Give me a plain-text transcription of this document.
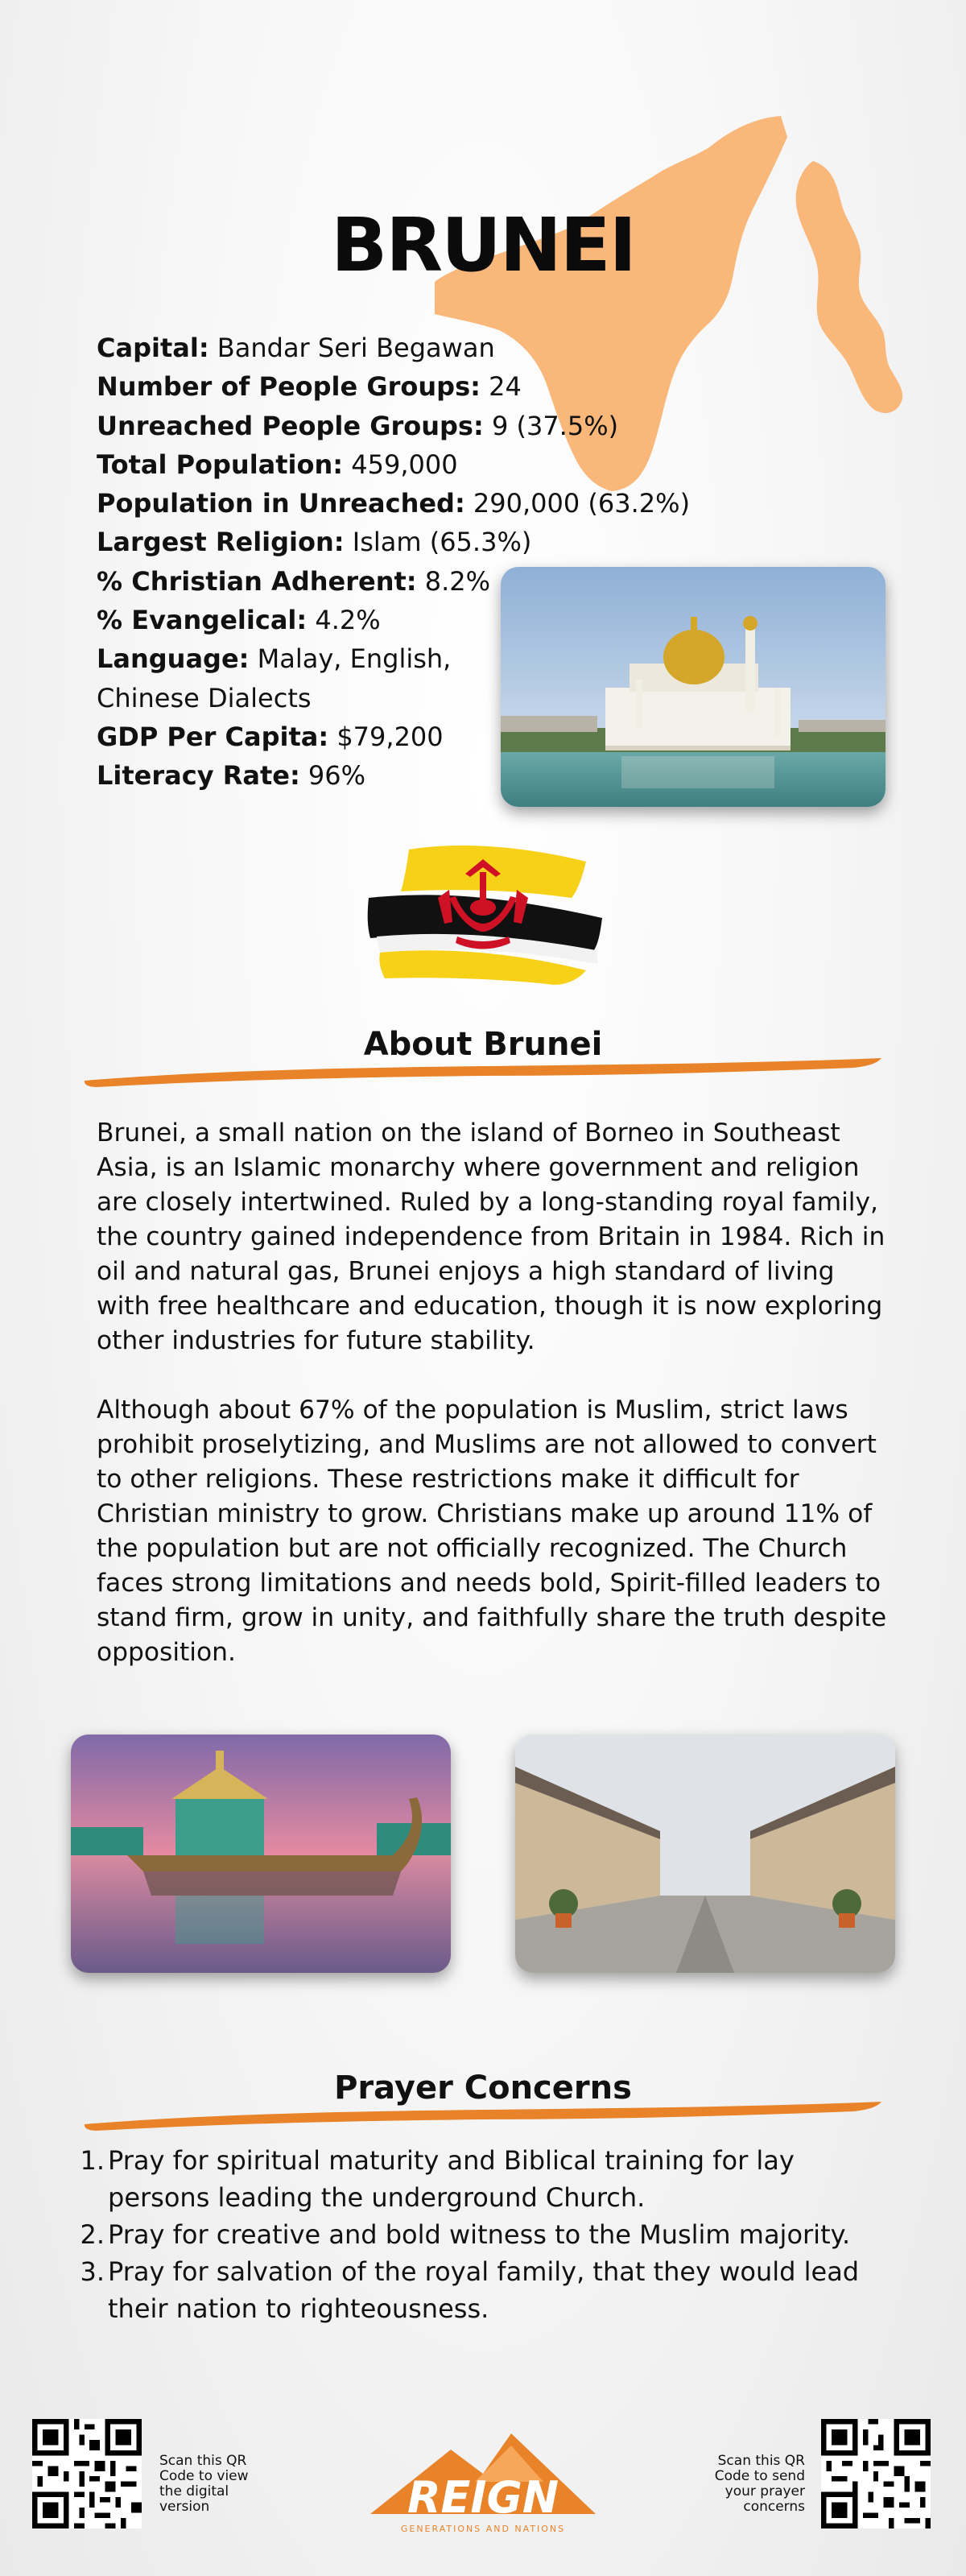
BRUNEI
Capital: Bandar Seri Begawan
Number of People Groups: 24
Unreached People Groups: 9 (37.5%)
Total Population: 459,000
Population in Unreached: 290,000 (63.2%)
Largest Religion: Islam (65.3%)
% Christian Adherent: 8.2%
% Evangelical: 4.2%
Language: Malay, English, Chinese Dialects
GDP Per Capita: $79,200
Literacy Rate: 96%
About Brunei

Brunei, a small nation on the island of Borneo in Southeast Asia, is an Islamic monarchy where government and religion are closely intertwined. Ruled by a long-standing royal family, the country gained independence from Britain in 1984. Rich in oil and natural gas, Brunei enjoys a high standard of living with free healthcare and education, though it is now exploring other industries for future stability.

Although about 67% of the population is Muslim, strict laws prohibit proselytizing, and Muslims are not allowed to convert to other religions. These restrictions make it difficult for Christian ministry to grow. Christians make up around 11% of the population but are not officially recognized. The Church faces strong limitations and needs bold, Spirit-filled leaders to stand firm, grow in unity, and faithfully share the truth despite opposition.

Prayer Concerns
1. Pray for spiritual maturity and Biblical training for lay persons leading the underground Church.
2. Pray for creative and bold witness to the Muslim majority.
3. Pray for salvation of the royal family, that they would lead their nation to righteousness.
Scan this QR Code to view the digital version	REIGN
GENERATIONS AND NATIONS
Scan this QR Code to send your prayer concerns
